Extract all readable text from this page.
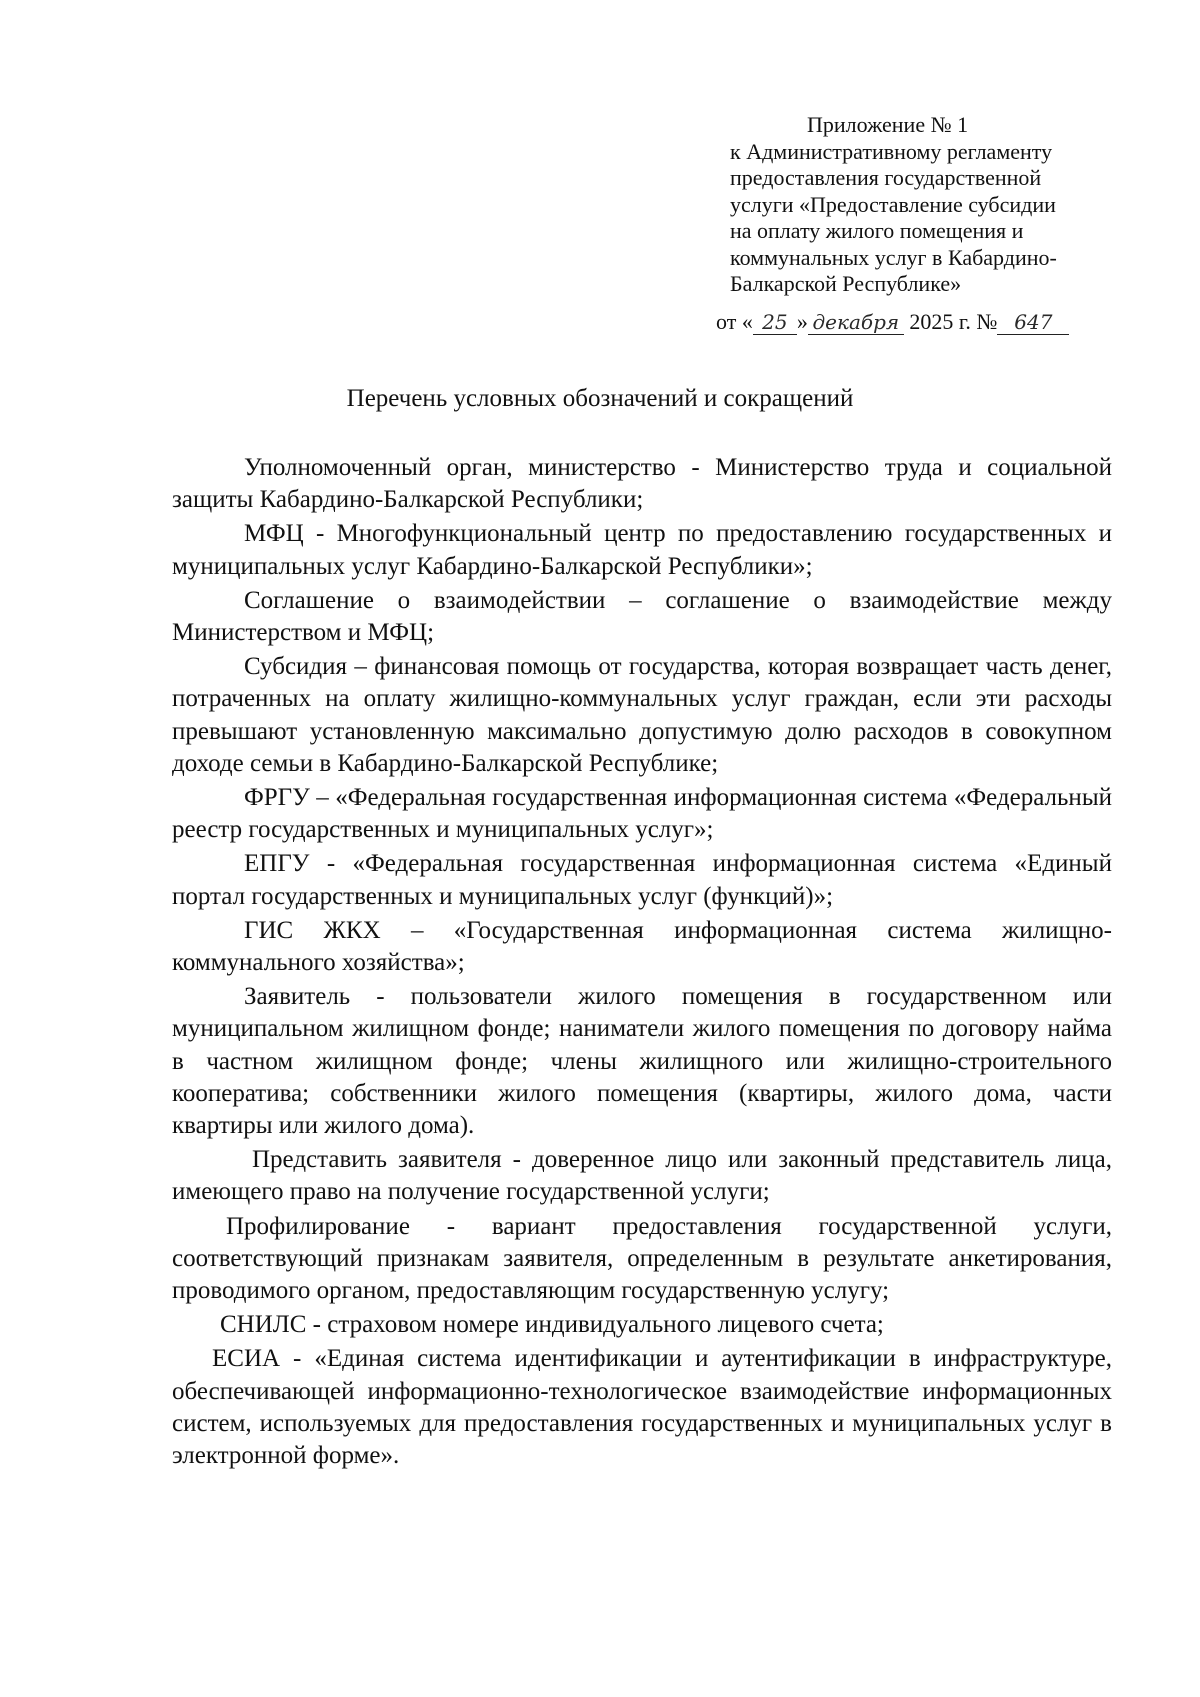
Приложение № 1
к Административному регламенту
предоставления государственной
услуги «Предоставление субсидии
на оплату жилого помещения и
коммунальных услуг в Кабардино-
Балкарской Республике»
от « 25 » декабря 2025 г. № 647
Перечень условных обозначений и сокращений

Уполномоченный орган, министерство - Министерство труда и социальной защиты Кабардино-Балкарской Республики;

МФЦ - Многофункциональный центр по предоставлению государственных и муниципальных услуг Кабардино-Балкарской Республики»;

Соглашение о взаимодействии – соглашение о взаимодействие между Министерством и МФЦ;

Субсидия – финансовая помощь от государства, которая возвращает часть денег, потраченных на оплату жилищно-коммунальных услуг граждан, если эти расходы превышают установленную максимально допустимую долю расходов в совокупном доходе семьи в Кабардино-Балкарской Республике;

ФРГУ – «Федеральная государственная информационная система «Федеральный реестр государственных и муниципальных услуг»;

ЕПГУ - «Федеральная государственная информационная система «Единый портал государственных и муниципальных услуг (функций)»;

ГИС ЖКХ – «Государственная информационная система жилищно-коммунального хозяйства»;

Заявитель - пользователи жилого помещения в государственном или муниципальном жилищном фонде; наниматели жилого помещения по договору найма в частном жилищном фонде; члены жилищного или жилищно-строительного кооператива; собственники жилого помещения (квартиры, жилого дома, части квартиры или жилого дома).

Представить заявителя - доверенное лицо или законный представитель лица, имеющего право на получение государственной услуги;

Профилирование - вариант предоставления государственной услуги, соответствующий признакам заявителя, определенным в результате анкетирования, проводимого органом, предоставляющим государственную услугу;

СНИЛС - страховом номере индивидуального лицевого счета;

ЕСИА - «Единая система идентификации и аутентификации в инфраструктуре, обеспечивающей информационно-технологическое взаимодействие информационных систем, используемых для предоставления государственных и муниципальных услуг в электронной форме».
